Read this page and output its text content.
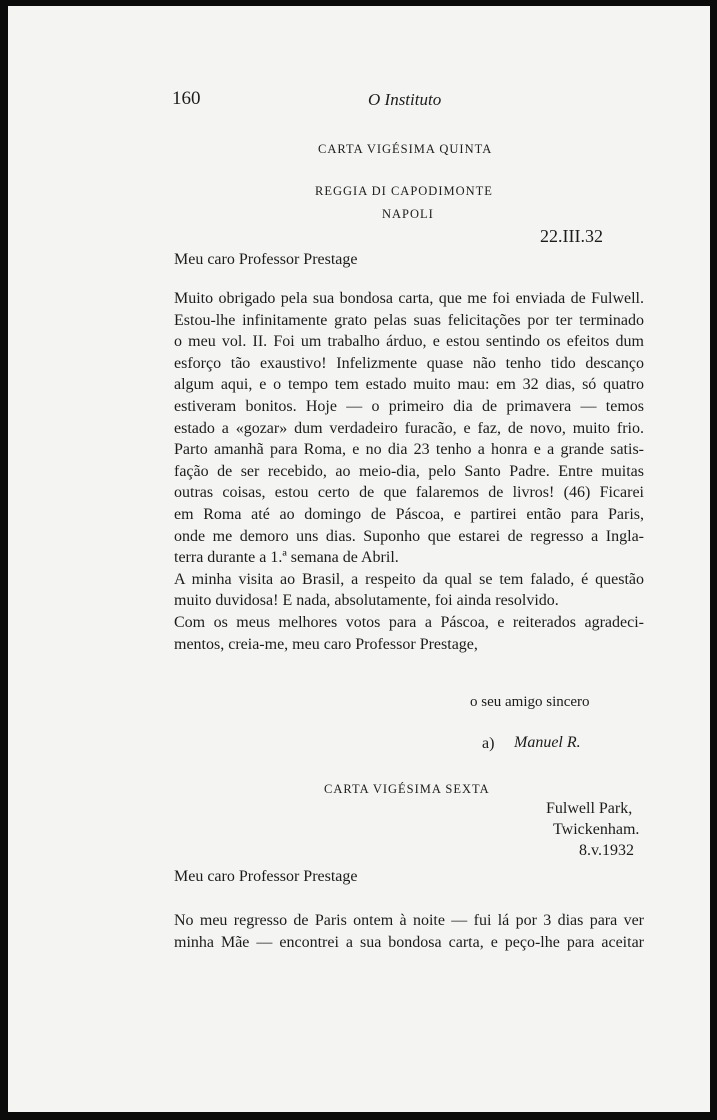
160	O Instituto
CARTA VIGÉSIMA QUINTA
REGGIA DI CAPODIMONTE
NAPOLI
22.III.32
Meu caro Professor Prestage
Muito obrigado pela sua bondosa carta, que me foi enviada de Fulwell.
Estou-lhe infinitamente grato pelas suas felicitações por ter terminado
o meu vol. II. Foi um trabalho árduo, e estou sentindo os efeitos dum
esforço tão exaustivo! Infelizmente quase não tenho tido descanço
algum aqui, e o tempo tem estado muito mau: em 32 dias, só quatro
estiveram bonitos. Hoje — o primeiro dia de primavera — temos
estado a «gozar» dum verdadeiro furacão, e faz, de novo, muito frio.
Parto amanhã para Roma, e no dia 23 tenho a honra e a grande satis-
fação de ser recebido, ao meio-dia, pelo Santo Padre. Entre muitas
outras coisas, estou certo de que falaremos de livros! (46) Ficarei
em Roma até ao domingo de Páscoa, e partirei então para Paris,
onde me demoro uns dias. Suponho que estarei de regresso a Ingla-
terra durante a 1.ª semana de Abril.
A minha visita ao Brasil, a respeito da qual se tem falado, é questão
muito duvidosa! E nada, absolutamente, foi ainda resolvido.
Com os meus melhores votos para a Páscoa, e reiterados agradeci-
mentos, creia-me, meu caro Professor Prestage,
o seu amigo sincero
a) Manuel R.
CARTA VIGÉSIMA SEXTA
Fulwell Park,
Twickenham.
8.v.1932
Meu caro Professor Prestage
No meu regresso de Paris ontem à noite — fui lá por 3 dias para ver
minha Mãe — encontrei a sua bondosa carta, e peço-lhe para aceitar
